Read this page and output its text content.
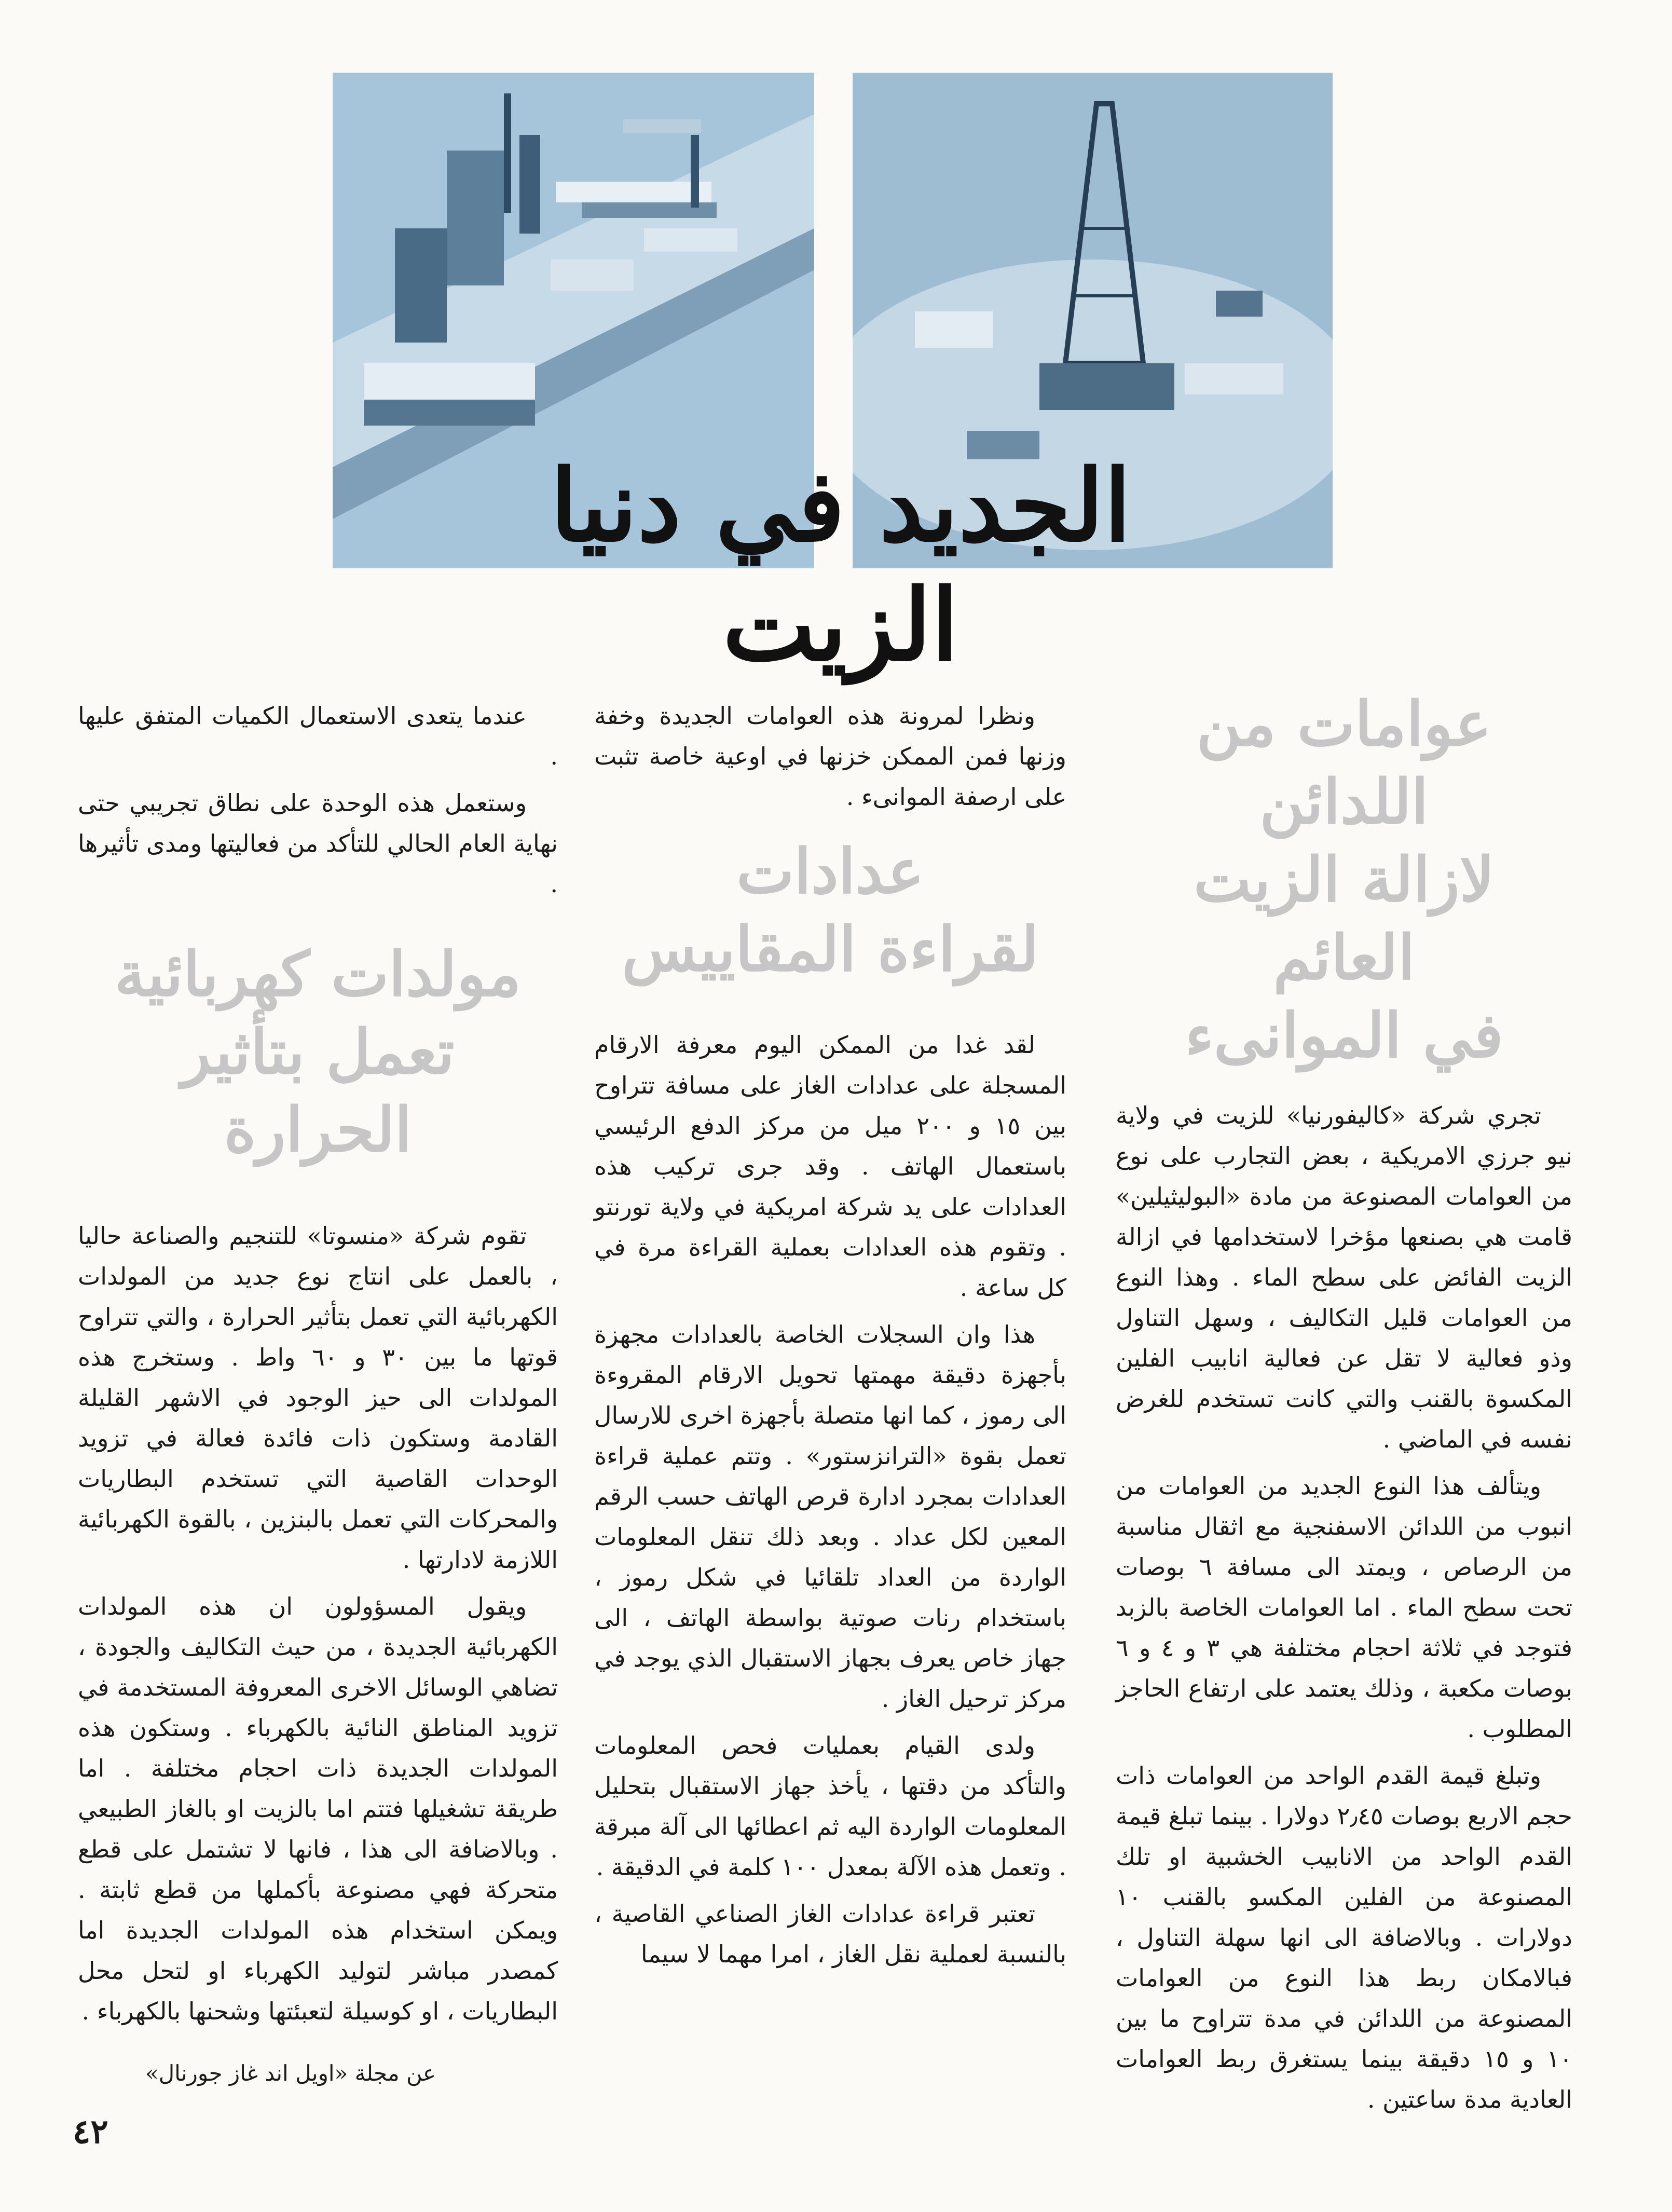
الجديد في دنيا الزيت
عوامات من اللدائن
لازالة الزيت العائم
في الموانىء

تجري شركة «كاليفورنيا» للزيت في ولاية نيو جرزي الامريكية ، بعض التجارب على نوع من العوامات المصنوعة من مادة «البوليثيلين» قامت هي بصنعها مؤخرا لاستخدامها في ازالة الزيت الفائض على سطح الماء . وهذا النوع من العوامات قليل التكاليف ، وسهل التناول وذو فعالية لا تقل عن فعالية انابيب الفلين المكسوة بالقنب والتي كانت تستخدم للغرض نفسه في الماضي .

ويتألف هذا النوع الجديد من العوامات من انبوب من اللدائن الاسفنجية مع اثقال مناسبة من الرصاص ، ويمتد الى مسافة ٦ بوصات تحت سطح الماء . اما العوامات الخاصة بالزبد فتوجد في ثلاثة احجام مختلفة هي ٣ و ٤ و ٦ بوصات مكعبة ، وذلك يعتمد على ارتفاع الحاجز المطلوب .

وتبلغ قيمة القدم الواحد من العوامات ذات حجم الاربع بوصات ٢٫٤٥ دولارا . بينما تبلغ قيمة القدم الواحد من الانابيب الخشبية او تلك المصنوعة من الفلين المكسو بالقنب ١٠ دولارات . وبالاضافة الى انها سهلة التناول ، فبالامكان ربط هذا النوع من العوامات المصنوعة من اللدائن في مدة تتراوح ما بين ١٠ و ١٥ دقيقة بينما يستغرق ربط العوامات العادية مدة ساعتين .

ونظرا لمرونة هذه العوامات الجديدة وخفة وزنها فمن الممكن خزنها في اوعية خاصة تثبت على ارصفة الموانىء .

عدادات
لقراءة المقاييس

لقد غدا من الممكن اليوم معرفة الارقام المسجلة على عدادات الغاز على مسافة تتراوح بين ١٥ و ٢٠٠ ميل من مركز الدفع الرئيسي باستعمال الهاتف . وقد جرى تركيب هذه العدادات على يد شركة امريكية في ولاية تورنتو . وتقوم هذه العدادات بعملية القراءة مرة في كل ساعة .

هذا وان السجلات الخاصة بالعدادات مجهزة بأجهزة دقيقة مهمتها تحويل الارقام المقروءة الى رموز ، كما انها متصلة بأجهزة اخرى للارسال تعمل بقوة «الترانزستور» . وتتم عملية قراءة العدادات بمجرد ادارة قرص الهاتف حسب الرقم المعين لكل عداد . وبعد ذلك تنقل المعلومات الواردة من العداد تلقائيا في شكل رموز ، باستخدام رنات صوتية بواسطة الهاتف ، الى جهاز خاص يعرف بجهاز الاستقبال الذي يوجد في مركز ترحيل الغاز .

ولدى القيام بعمليات فحص المعلومات والتأكد من دقتها ، يأخذ جهاز الاستقبال بتحليل المعلومات الواردة اليه ثم اعطائها الى آلة مبرقة . وتعمل هذه الآلة بمعدل ١٠٠ كلمة في الدقيقة .

تعتبر قراءة عدادات الغاز الصناعي القاصية ، بالنسبة لعملية نقل الغاز ، امرا مهما لا سيما

عندما يتعدى الاستعمال الكميات المتفق عليها .

وستعمل هذه الوحدة على نطاق تجريبي حتى نهاية العام الحالي للتأكد من فعاليتها ومدى تأثيرها .

مولدات كهربائية
تعمل بتأثير الحرارة

تقوم شركة «منسوتا» للتنجيم والصناعة حاليا ، بالعمل على انتاج نوع جديد من المولدات الكهربائية التي تعمل بتأثير الحرارة ، والتي تتراوح قوتها ما بين ٣٠ و ٦٠ واط . وستخرج هذه المولدات الى حيز الوجود في الاشهر القليلة القادمة وستكون ذات فائدة فعالة في تزويد الوحدات القاصية التي تستخدم البطاريات والمحركات التي تعمل بالبنزين ، بالقوة الكهربائية اللازمة لادارتها .

ويقول المسؤولون ان هذه المولدات الكهربائية الجديدة ، من حيث التكاليف والجودة ، تضاهي الوسائل الاخرى المعروفة المستخدمة في تزويد المناطق النائية بالكهرباء . وستكون هذه المولدات الجديدة ذات احجام مختلفة . اما طريقة تشغيلها فتتم اما بالزيت او بالغاز الطبيعي . وبالاضافة الى هذا ، فانها لا تشتمل على قطع متحركة فهي مصنوعة بأكملها من قطع ثابتة . ويمكن استخدام هذه المولدات الجديدة اما كمصدر مباشر لتوليد الكهرباء او لتحل محل البطاريات ، او كوسيلة لتعبئتها وشحنها بالكهرباء .

عن مجلة «اويل اند غاز جورنال»
٤٢
